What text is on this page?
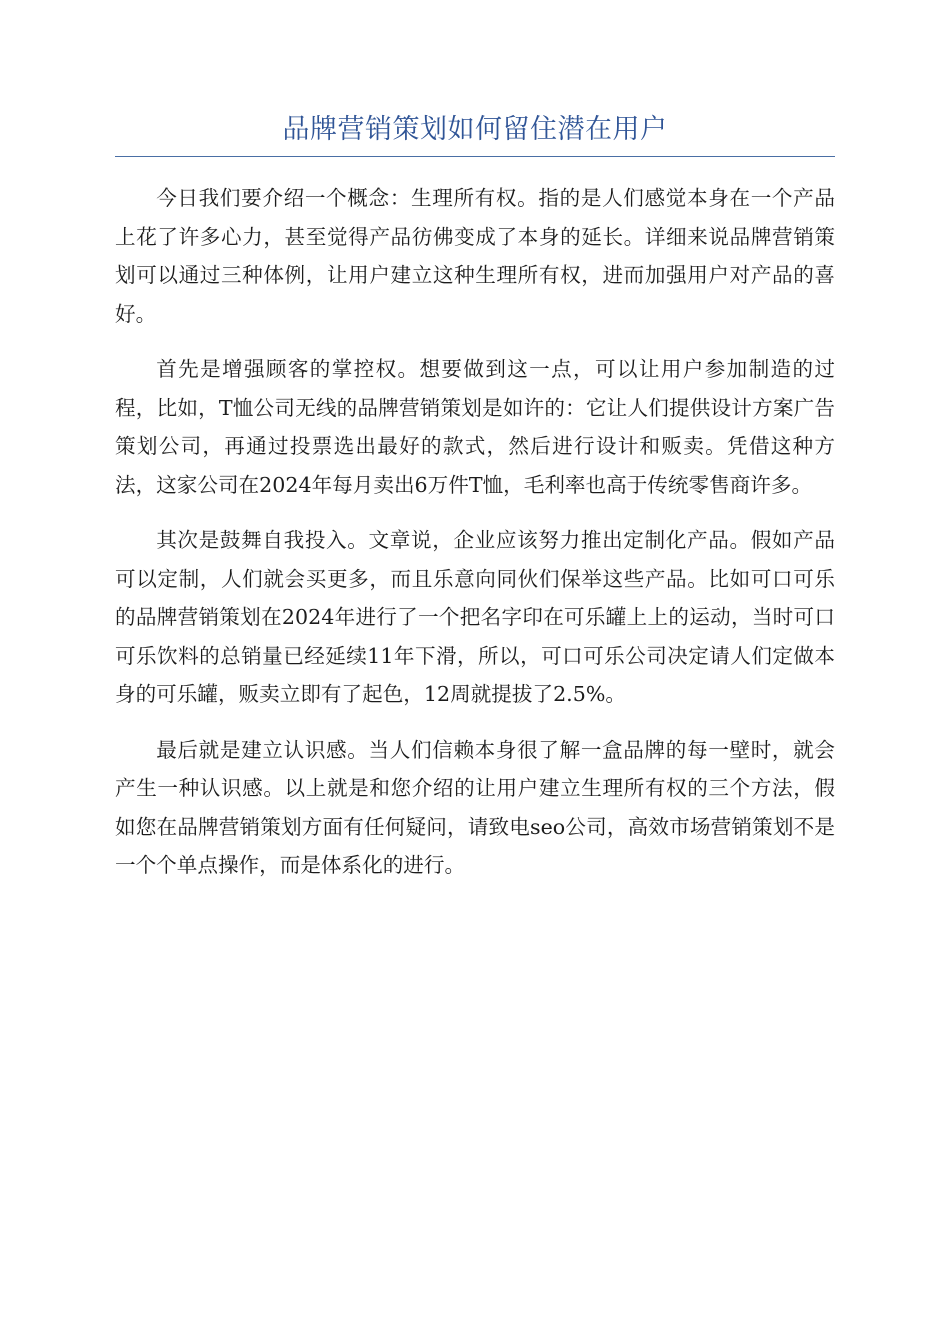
品牌营销策划如何留住潜在用户

今日我们要介绍一个概念：生理所有权。指的是人们感觉本身在一个产品上花了许多心力，甚至觉得产品彷佛变成了本身的延长。详细来说品牌营销策划可以通过三种体例，让用户建立这种生理所有权，进而加强用户对产品的喜好。

首先是增强顾客的掌控权。想要做到这一点，可以让用户参加制造的过程，比如，T恤公司无线的品牌营销策划是如许的：它让人们提供设计方案广告策划公司，再通过投票选出最好的款式，然后进行设计和贩卖。凭借这种方法，这家公司在2024年每月卖出6万件T恤，毛利率也高于传统零售商许多。

其次是鼓舞自我投入。文章说，企业应该努力推出定制化产品。假如产品可以定制，人们就会买更多，而且乐意向同伙们保举这些产品。比如可口可乐的品牌营销策划在2024年进行了一个把名字印在可乐罐上上的运动，当时可口可乐饮料的总销量已经延续11年下滑，所以，可口可乐公司决定请人们定做本身的可乐罐，贩卖立即有了起色，12周就提拔了2.5%。

最后就是建立认识感。当人们信赖本身很了解一盒品牌的每一壁时，就会产生一种认识感。以上就是和您介绍的让用户建立生理所有权的三个方法，假如您在品牌营销策划方面有任何疑问，请致电seo公司，高效市场营销策划不是一个个单点操作，而是体系化的进行。
